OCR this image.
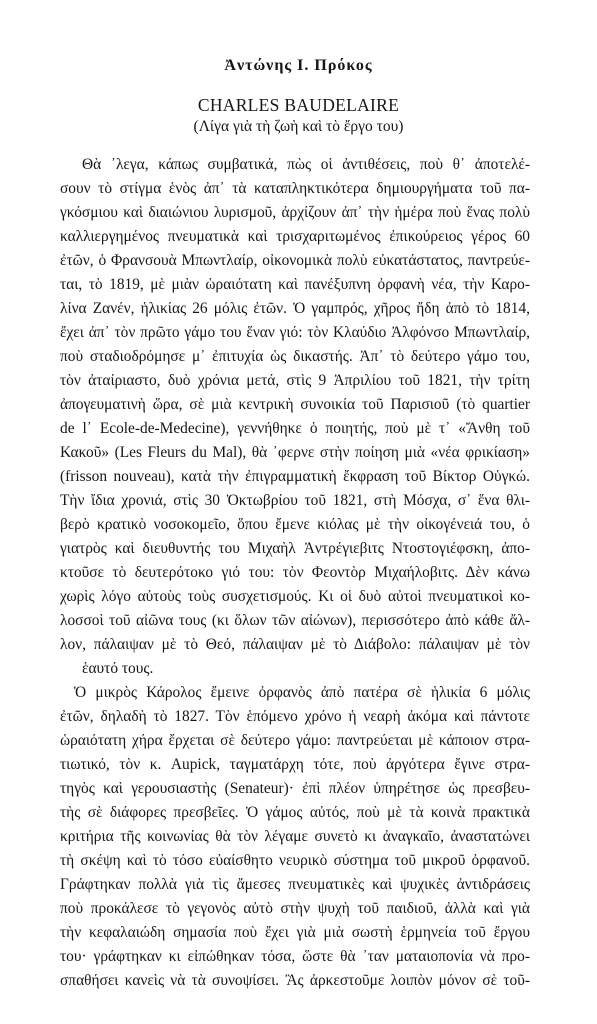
Ἀντώνης Ι. Πρόκος
CHARLES BAUDELAIRE
(Λίγα γιὰ τὴ ζωὴ καὶ τὸ ἔργο του)
Θὰ ᾽λεγα, κάπως συμβατικά, πὼς οἱ ἀντιθέσεις, ποὺ θ᾽ ἀποτελέ-
σουν τὸ στίγμα ἑνὸς ἀπ᾽ τὰ καταπληκτικότερα δημιουργήματα τοῦ πα-
γκόσμιου καὶ διαιώνιου λυρισμοῦ, ἀρχίζουν ἀπ᾽ τὴν ἡμέρα ποὺ ἕνας πολὺ
καλλιεργημένος πνευματικὰ καὶ τρισχαριτωμένος ἐπικούρειος γέρος 60
ἐτῶν, ὁ Φρανσουὰ Μπωντλαίρ, οἰκονομικὰ πολὺ εὐκατάστατος, παντρεύε-
ται, τὸ 1819, μὲ μιὰν ὡραιότατη καὶ πανέξυπνη ὀρφανὴ νέα, τὴν Καρο-
λίνα Ζανέν, ἡλικίας 26 μόλις ἐτῶν. Ὁ γαμπρός, χῆρος ἤδη ἀπὸ τὸ 1814,
ἔχει ἀπ᾽ τὸν πρῶτο γάμο του ἕναν γιό: τὸν Κλαύδιο Ἀλφόνσο Μπωντλαίρ,
ποὺ σταδιοδρόμησε μ᾽ ἐπιτυχία ὡς δικαστής. Ἀπ᾽ τὸ δεύτερο γάμο του,
τὸν ἀταίριαστο, δυὸ χρόνια μετά, στὶς 9 Ἀπριλίου τοῦ 1821, τὴν τρίτη
ἀπογευματινὴ ὥρα, σὲ μιὰ κεντρικὴ συνοικία τοῦ Παρισιοῦ (τὸ quartier
de l᾽ Ecole-de-Medecine), γεννήθηκε ὁ ποιητής, ποὺ μὲ τ᾽ «Ἄνθη τοῦ
Κακοῦ» (Les Fleurs du Mal), θὰ ᾽φερνε στὴν ποίηση μιὰ «νέα φρικίαση»
(frisson nouveau), κατὰ τὴν ἐπιγραμματικὴ ἔκφραση τοῦ Βίκτορ Οὑγκώ.
Τὴν ἴδια χρονιά, στὶς 30 Ὀκτωβρίου τοῦ 1821, στὴ Μόσχα, σ᾽ ἕνα θλι-
βερὸ κρατικὸ νοσοκομεῖο, ὅπου ἔμενε κιόλας μὲ τὴν οἰκογένειά του, ὁ
γιατρὸς καὶ διευθυντής του Μιχαὴλ Ἀντρέγιεβιτς Ντοστογιέφσκη, ἀπο-
κτοῦσε τὸ δευτερότοκο γιό του: τὸν Φεοντὸρ Μιχαήλοβιτς. Δὲν κάνω
χωρὶς λόγο αὐτοὺς τοὺς συσχετισμούς. Κι οἱ δυὸ αὐτοὶ πνευματικοὶ κο-
λοσσοὶ τοῦ αἰῶνα τους (κι ὅλων τῶν αἰώνων), περισσότερο ἀπὸ κάθε ἄλ-
λον, πάλαιψαν μὲ τὸ Θεό, πάλαιψαν μὲ τὸ Διάβολο: πάλαιψαν μὲ τὸν
ἑαυτό τους.
Ὁ μικρὸς Κάρολος ἔμεινε ὀρφανὸς ἀπὸ πατέρα σὲ ἡλικία 6 μόλις
ἐτῶν, δηλαδὴ τὸ 1827. Τὸν ἑπόμενο χρόνο ἡ νεαρὴ ἀκόμα καὶ πάντοτε
ὡραιότατη χήρα ἔρχεται σὲ δεύτερο γάμο: παντρεύεται μὲ κάποιον στρα-
τιωτικό, τὸν κ. Aupick, ταγματάρχη τότε, ποὺ ἀργότερα ἔγινε στρα-
τηγὸς καὶ γερουσιαστὴς (Senateur)· ἐπὶ πλέον ὑπηρέτησε ὡς πρεσβευ-
τὴς σὲ διάφορες πρεσβεῖες. Ὁ γάμος αὐτός, ποὺ μὲ τὰ κοινὰ πρακτικὰ
κριτήρια τῆς κοινωνίας θὰ τὸν λέγαμε συνετὸ κι ἀναγκαῖο, ἀναστατώνει
τὴ σκέψη καὶ τὸ τόσο εὐαίσθητο νευρικὸ σύστημα τοῦ μικροῦ ὀρφανοῦ.
Γράφτηκαν πολλὰ γιὰ τὶς ἄμεσες πνευματικὲς καὶ ψυχικὲς ἀντιδράσεις
ποὺ προκάλεσε τὸ γεγονὸς αὐτὸ στὴν ψυχὴ τοῦ παιδιοῦ, ἀλλὰ καὶ γιὰ
τὴν κεφαλαιώδη σημασία ποὺ ἔχει γιὰ μιὰ σωστὴ ἑρμηνεία τοῦ ἔργου
του· γράφτηκαν κι εἰπώθηκαν τόσα, ὥστε θὰ ᾽ταν ματαιοπονία νὰ προ-
σπαθήσει κανεὶς νὰ τὰ συνοψίσει. Ἂς ἀρκεστοῦμε λοιπὸν μόνον σὲ τοῦ-
